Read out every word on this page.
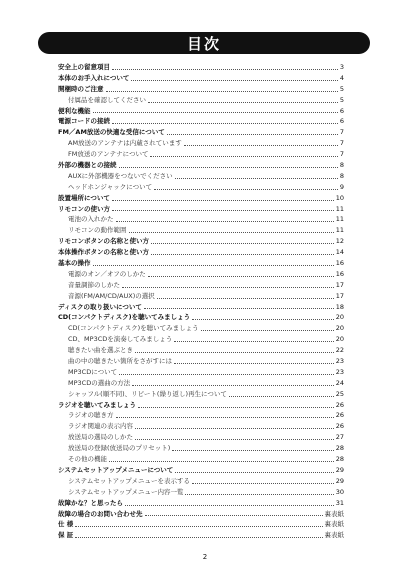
目次
安全上の留意項目	3
本体のお手入れについて	4
開梱時のご注意	5
付属品を確認してください	5
便利な機能	6
電源コードの接続	6
FM／AM放送の快適な受信について	7
AM放送のアンテナは内蔵されています	7
FM放送のアンテナについて	7
外部の機器との接続	8
AUXに外部機器をつないでください	8
ヘッドホンジャックについて	9
設置場所について	10
リモコンの使い方	11
電池の入れかた	11
リモコンの動作範囲	11
リモコンボタンの名称と使い方	12
本体操作ボタンの名称と使い方	14
基本の操作	16
電源のオン／オフのしかた	16
音量調節のしかた	17
音源(FM/AM/CD/AUX)の選択	17
ディスクの取り扱いについて	18
CD(コンパクトディスク)を聴いてみましょう	20
CD(コンパクトディスク)を聴いてみましょう	20
CD、MP3CDを演奏してみましょう	20
聴きたい曲を選ぶとき	22
曲の中の聴きたい箇所をさがすには	23
MP3CDについて	23
MP3CDの選曲の方法	24
シャッフル(順不同)、リピート(繰り返し)再生について	25
ラジオを聴いてみましょう	26
ラジオの聴き方	26
ラジオ関連の表示内容	26
放送局の選局のしかた	27
放送局の登録(放送局のプリセット)	28
その他の機能	28
システムセットアップメニューについて	29
システムセットアップメニューを表示する	29
システムセットアップメニュー内容一覧	30
故障かな？と思ったら	31
故障の場合のお問い合わせ先	裏表紙
仕 様	裏表紙
保 証	裏表紙
2
